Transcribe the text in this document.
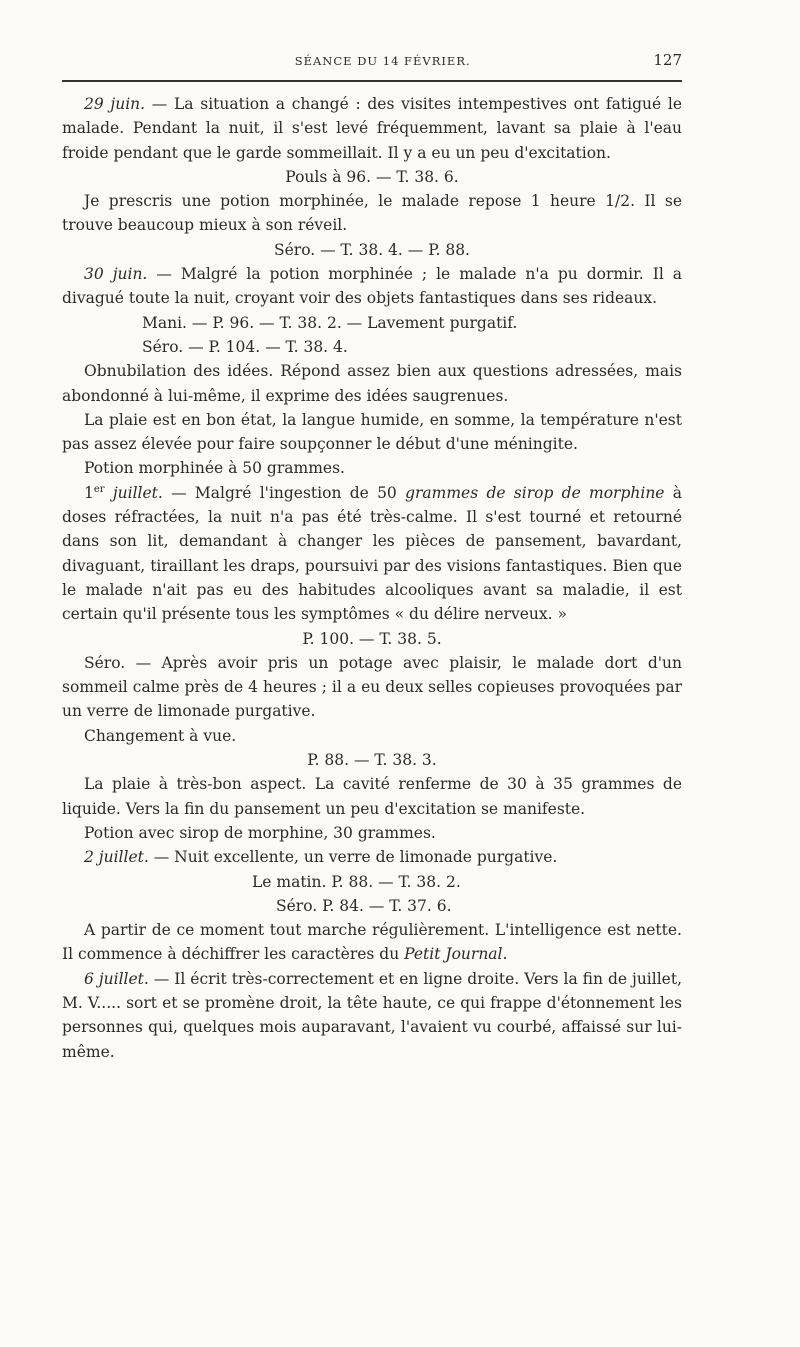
SÉANCE DU 14 FÉVRIER.	127

29 juin. — La situation a changé : des visites intempestives ont fatigué le malade. Pendant la nuit, il s'est levé fréquemment, lavant sa plaie à l'eau froide pendant que le garde sommeillait. Il y a eu un peu d'excitation.

Pouls à 96. — T. 38. 6.

Je prescris une potion morphinée, le malade repose 1 heure 1/2. Il se trouve beaucoup mieux à son réveil.

Séro. — T. 38. 4. — P. 88.

30 juin. — Malgré la potion morphinée ; le malade n'a pu dormir. Il a divagué toute la nuit, croyant voir des objets fantastiques dans ses rideaux.

Mani. — P. 96. — T. 38. 2. — Lavement purgatif.

Séro. — P. 104. — T. 38. 4.

Obnubilation des idées. Répond assez bien aux questions adressées, mais abondonné à lui-même, il exprime des idées saugrenues.

La plaie est en bon état, la langue humide, en somme, la température n'est pas assez élevée pour faire soupçonner le début d'une méningite.

Potion morphinée à 50 grammes.

1er juillet. — Malgré l'ingestion de 50 grammes de sirop de morphine à doses réfractées, la nuit n'a pas été très-calme. Il s'est tourné et retourné dans son lit, demandant à changer les pièces de pansement, bavardant, divaguant, tiraillant les draps, poursuivi par des visions fantastiques. Bien que le malade n'ait pas eu des habitudes alcooliques avant sa maladie, il est certain qu'il présente tous les symptômes « du délire nerveux. »

P. 100. — T. 38. 5.

Séro. — Après avoir pris un potage avec plaisir, le malade dort d'un sommeil calme près de 4 heures ; il a eu deux selles copieuses provoquées par un verre de limonade purgative.

Changement à vue.

P. 88. — T. 38. 3.

La plaie à très-bon aspect. La cavité renferme de 30 à 35 grammes de liquide. Vers la fin du pansement un peu d'excitation se manifeste.

Potion avec sirop de morphine, 30 grammes.

2 juillet. — Nuit excellente, un verre de limonade purgative.

Le matin. P. 88. — T. 38. 2.

Séro. P. 84. — T. 37. 6.

A partir de ce moment tout marche régulièrement. L'intelligence est nette. Il commence à déchiffrer les caractères du Petit Journal.

6 juillet. — Il écrit très-correctement et en ligne droite. Vers la fin de juillet, M. V..... sort et se promène droit, la tête haute, ce qui frappe d'étonnement les personnes qui, quelques mois auparavant, l'avaient vu courbé, affaissé sur lui-même.
